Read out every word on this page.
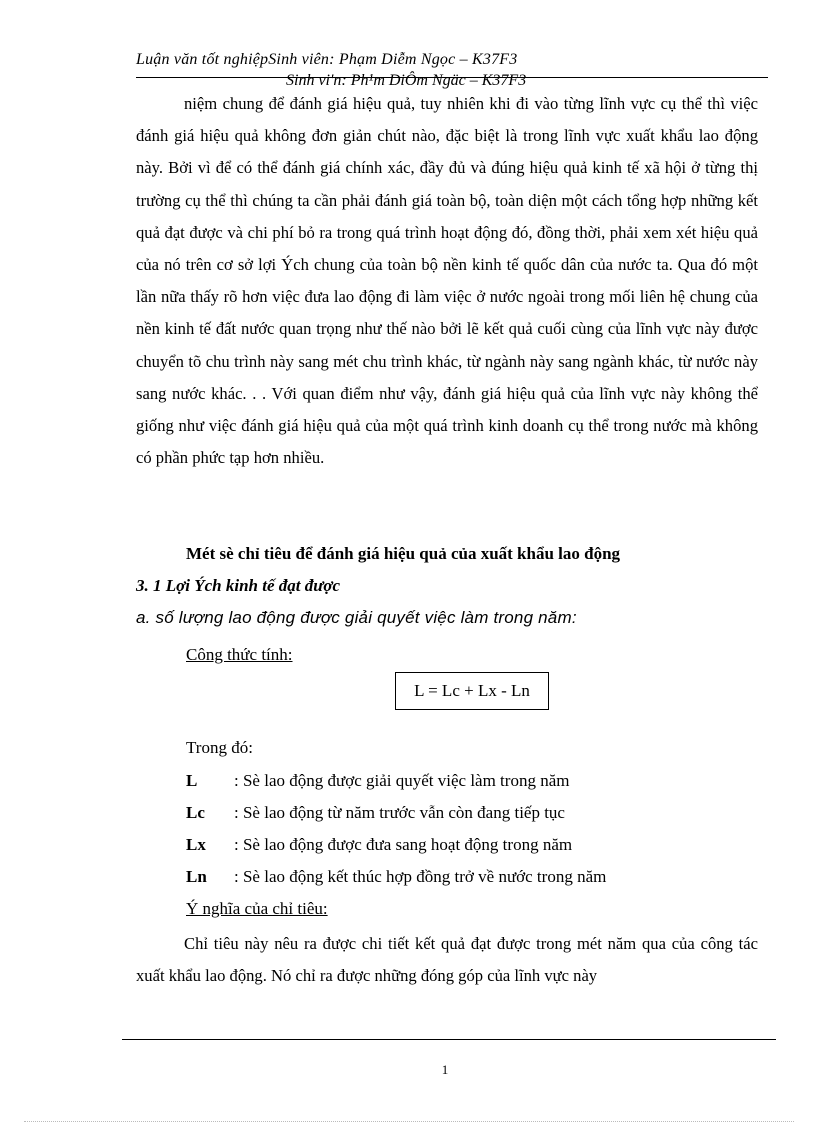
Luận văn tốt nghiệpSinh viên: Phạm Diễm Ngọc – K37F3
Sinh vi'n: Ph¹m DiÔm Ngäc – K37F3

niệm chung để đánh giá hiệu quả, tuy nhiên khi đi vào từng lĩnh vực cụ thể thì việc đánh giá hiệu quả không đơn giản chút nào, đặc biệt là trong lĩnh vực xuất khẩu lao động này. Bởi vì để có thể đánh giá chính xác, đầy đủ và đúng hiệu quả kinh tế xã hội ở từng thị trường cụ thể thì chúng ta cần phải đánh giá toàn bộ, toàn diện một cách tổng hợp những kết quả đạt được và chi phí bỏ ra trong quá trình hoạt động đó, đồng thời, phải xem xét hiệu quả của nó trên cơ sở lợi Ých chung của toàn bộ nền kinh tế quốc dân của nước ta. Qua đó một lần nữa thấy rõ hơn việc đưa lao động đi làm việc ở nước ngoài trong mối liên hệ chung của nền kinh tế đất nước quan trọng như thế nào bởi lẽ kết quả cuối cùng của lĩnh vực này được chuyển tõ chu trình này sang mét chu trình khác, từ ngành này sang ngành khác, từ nước này sang nước khác. . . Với quan điểm như vậy, đánh giá hiệu quả của lĩnh vực này không thể giống như việc đánh giá hiệu quả của một quá trình kinh doanh cụ thể trong nước mà không có phần phức tạp hơn nhiều.

Mét sè chỉ tiêu để đánh giá hiệu quả của xuất khẩu lao động
3. 1 Lợi Ých kinh tế đạt được
a. số lượng lao động được giải quyết việc làm trong năm:
Công thức tính:
L = Lc + Lx - Ln
Trong đó:
L : Sè lao động được giải quyết việc làm trong năm
Lc : Sè lao động từ năm trước vẫn còn đang tiếp tục
Lx : Sè lao động được đưa sang hoạt động trong năm
Ln : Sè lao động kết thúc hợp đồng trở về nước trong năm
Ý nghĩa của chỉ tiêu:

Chỉ tiêu này nêu ra được chi tiết kết quả đạt được trong mét năm qua của công tác xuất khẩu lao động. Nó chỉ ra được những đóng góp của lĩnh vực này

1
